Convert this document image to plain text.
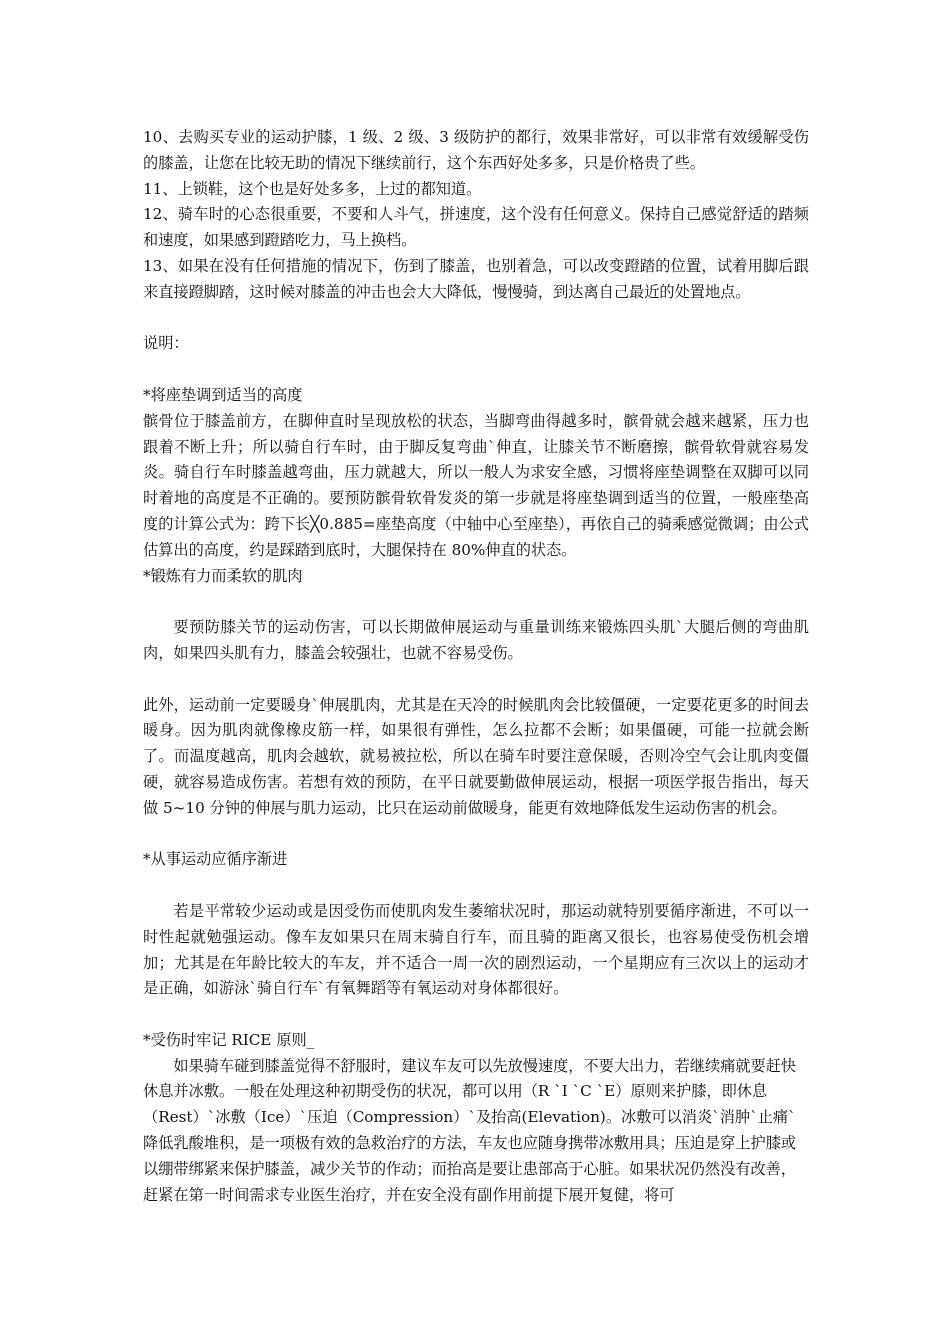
10、去购买专业的运动护膝，1 级、2 级、3 级防护的都行，效果非常好，可以非常有效缓解受伤的膝盖，让您在比较无助的情况下继续前行，这个东西好处多多，只是价格贵了些。

11、上锁鞋，这个也是好处多多，上过的都知道。

12、骑车时的心态很重要，不要和人斗气，拼速度，这个没有任何意义。保持自己感觉舒适的踏频和速度，如果感到蹬踏吃力，马上换档。

13、如果在没有任何措施的情况下，伤到了膝盖，也别着急，可以改变蹬踏的位置，试着用脚后跟来直接蹬脚踏，这时候对膝盖的冲击也会大大降低，慢慢骑，到达离自己最近的处置地点。

说明：

*将座垫调到适当的高度

髌骨位于膝盖前方，在脚伸直时呈现放松的状态，当脚弯曲得越多时，髌骨就会越来越紧，压力也跟着不断上升；所以骑自行车时，由于脚反复弯曲`伸直，让膝关节不断磨擦，髌骨软骨就容易发炎。骑自行车时膝盖越弯曲，压力就越大，所以一般人为求安全感，习惯将座垫调整在双脚可以同时着地的高度是不正确的。要预防髌骨软骨发炎的第一步就是将座垫调到适当的位置，一般座垫高度的计算公式为：跨下长╳0.885=座垫高度（中轴中心至座垫），再依自己的骑乘感觉微调；由公式估算出的高度，约是踩踏到底时，大腿保持在 80%伸直的状态。

*锻炼有力而柔软的肌肉

要预防膝关节的运动伤害，可以长期做伸展运动与重量训练来锻炼四头肌`大腿后侧的弯曲肌肉，如果四头肌有力，膝盖会较强壮，也就不容易受伤。

此外，运动前一定要暖身`伸展肌肉，尤其是在天冷的时候肌肉会比较僵硬，一定要花更多的时间去暖身。因为肌肉就像橡皮筋一样，如果很有弹性，怎么拉都不会断；如果僵硬，可能一拉就会断了。而温度越高，肌肉会越软，就易被拉松，所以在骑车时要注意保暖，否则冷空气会让肌肉变僵硬，就容易造成伤害。若想有效的预防，在平日就要勤做伸展运动，根据一项医学报告指出，每天做 5~10 分钟的伸展与肌力运动，比只在运动前做暖身，能更有效地降低发生运动伤害的机会。

*从事运动应循序渐进

若是平常较少运动或是因受伤而使肌肉发生萎缩状况时，那运动就特别要循序渐进，不可以一时性起就勉强运动。像车友如果只在周末骑自行车，而且骑的距离又很长，也容易使受伤机会增加；尤其是在年龄比较大的车友，并不适合一周一次的剧烈运动，一个星期应有三次以上的运动才是正确，如游泳`骑自行车`有氧舞蹈等有氧运动对身体都很好。

*受伤时牢记 RICE 原则_

如果骑车碰到膝盖觉得不舒服时，建议车友可以先放慢速度，不要大出力，若继续痛就要赶快休息并冰敷。一般在处理这种初期受伤的状况，都可以用（R `I `C `E）原则来护膝，即休息（Rest）`冰敷（Ice）`压迫（Compression）`及抬高(Elevation)。冰敷可以消炎`消肿`止痛`降低乳酸堆积，是一项极有效的急救治疗的方法，车友也应随身携带冰敷用具；压迫是穿上护膝或以绷带绑紧来保护膝盖，减少关节的作动；而抬高是要让患部高于心脏。如果状况仍然没有改善，赶紧在第一时间需求专业医生治疗，并在安全没有副作用前提下展开复健，将可
